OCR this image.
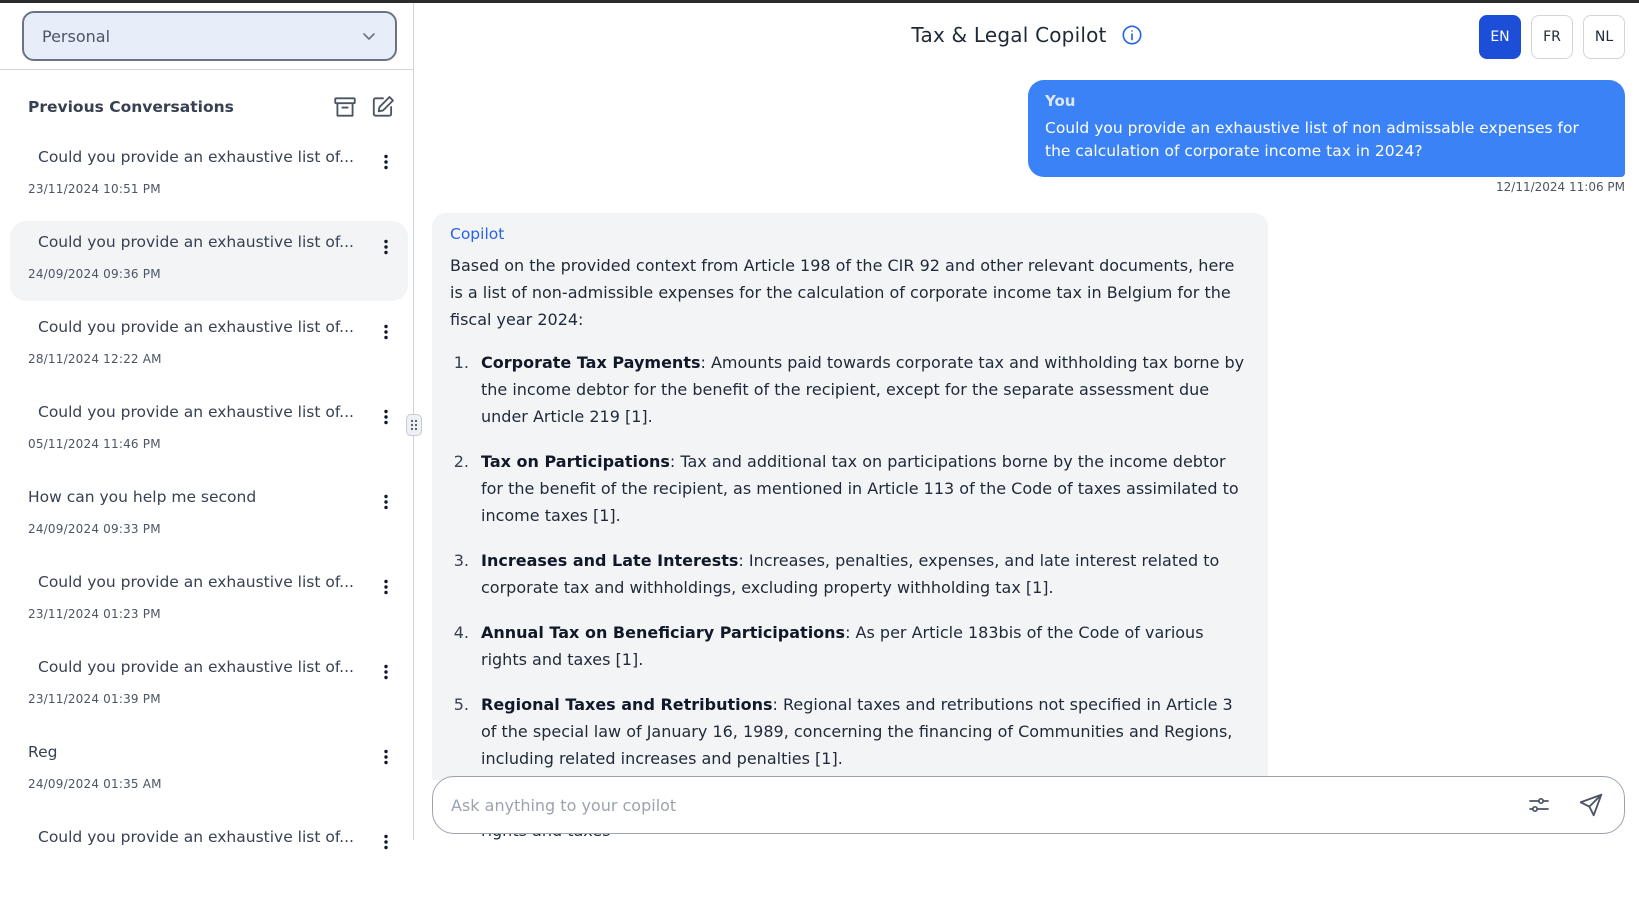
Personal
Previous Conversations
Could you provide an exhaustive list of...
23/11/2024 10:51 PM
Could you provide an exhaustive list of...
24/09/2024 09:36 PM
Could you provide an exhaustive list of...
28/11/2024 12:22 AM
Could you provide an exhaustive list of...
05/11/2024 11:46 PM
How can you help me second
24/09/2024 09:33 PM
Could you provide an exhaustive list of...
23/11/2024 01:23 PM
Could you provide an exhaustive list of...
23/11/2024 01:39 PM
Reg
24/09/2024 01:35 AM
Could you provide an exhaustive list of...
Tax & Legal Copilot	EN	FR	NL
You
Could you provide an exhaustive list of non admissable expenses for the calculation of corporate income tax in 2024?
12/11/2024 11:06 PM
Copilot
Based on the provided context from Article 198 of the CIR 92 and other relevant documents, here is a list of non-admissible expenses for the calculation of corporate income tax in Belgium for the fiscal year 2024:
1. Corporate Tax Payments: Amounts paid towards corporate tax and withholding tax borne by the income debtor for the benefit of the recipient, except for the separate assessment due under Article 219 [1].
2. Tax on Participations: Tax and additional tax on participations borne by the income debtor for the benefit of the recipient, as mentioned in Article 113 of the Code of taxes assimilated to income taxes [1].
3. Increases and Late Interests: Increases, penalties, expenses, and late interest related to corporate tax and withholdings, excluding property withholding tax [1].
4. Annual Tax on Beneficiary Participations: As per Article 183bis of the Code of various rights and taxes [1].
5. Regional Taxes and Retributions: Regional taxes and retributions not specified in Article 3 of the special law of January 16, 1989, concerning the financing of Communities and Regions, including related increases and penalties [1].
Ask anything to your copilot
